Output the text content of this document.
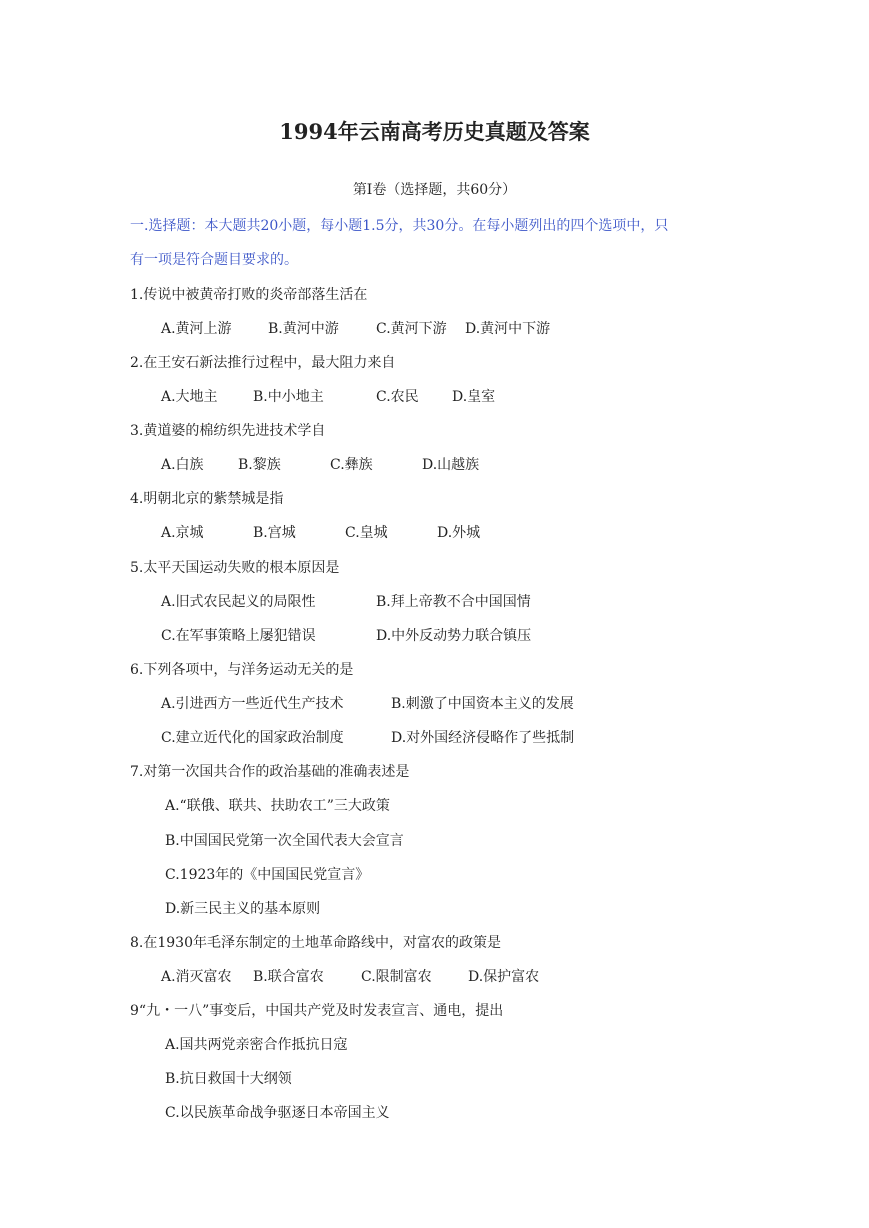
1994年云南高考历史真题及答案
第Ⅰ卷（选择题，共60分）
一.选择题：本大题共20小题，每小题1.5分，共30分。在每小题列出的四个选项中，只
有一项是符合题目要求的。
1.传说中被黄帝打败的炎帝部落生活在
A.黄河上游	B.黄河中游	C.黄河下游 D.黄河中下游
2.在王安石新法推行过程中，最大阻力来自
A.大地主	B.中小地主	C.农民 D.皇室
3.黄道婆的棉纺织先进技术学自
A.白族 B.黎族	C.彝族	D.山越族
4.明朝北京的紫禁城是指
A.京城	B.宫城	C.皇城	D.外城
5.太平天国运动失败的根本原因是
A.旧式农民起义的局限性	B.拜上帝教不合中国国情
C.在军事策略上屡犯错误	D.中外反动势力联合镇压
6.下列各项中，与洋务运动无关的是
A.引进西方一些近代生产技术	B.刺激了中国资本主义的发展
C.建立近代化的国家政治制度	D.对外国经济侵略作了些抵制
7.对第一次国共合作的政治基础的准确表述是
A.“联俄、联共、扶助农工”三大政策
B.中国国民党第一次全国代表大会宣言
C.1923年的《中国国民党宣言》
D.新三民主义的基本原则
8.在1930年毛泽东制定的土地革命路线中，对富农的政策是
A.消灭富农 B.联合富农	C.限制富农	D.保护富农
9“九・一八”事变后，中国共产党及时发表宣言、通电，提出
A.国共两党亲密合作抵抗日寇
B.抗日救国十大纲领
C.以民族革命战争驱逐日本帝国主义
